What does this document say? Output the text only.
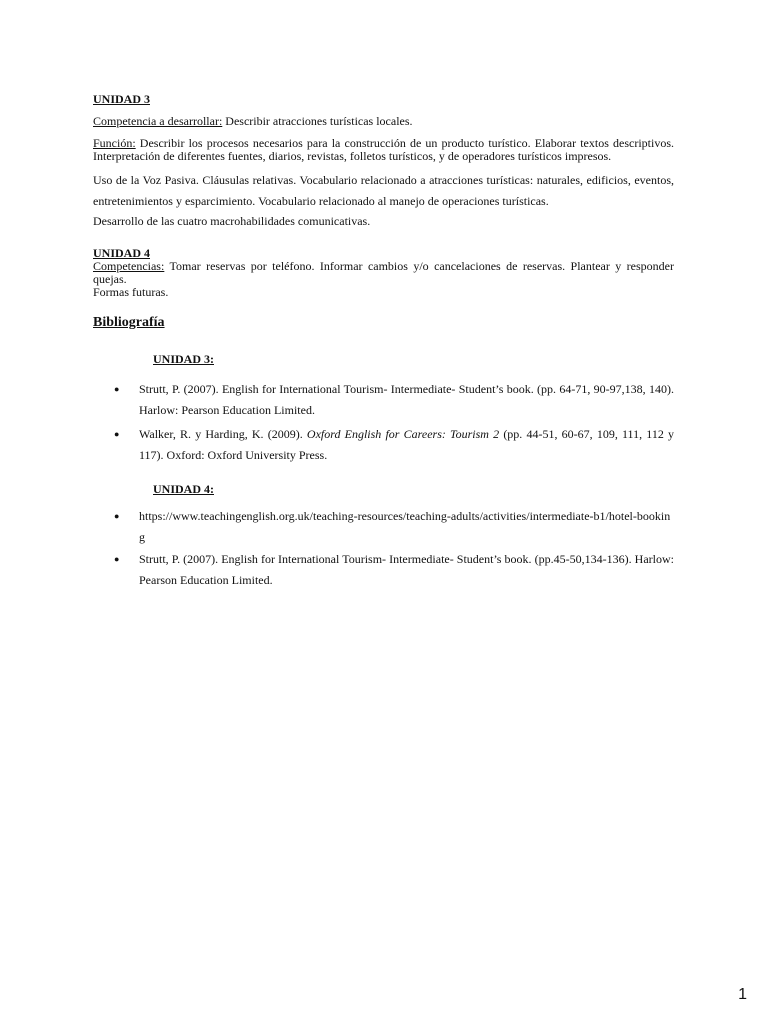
UNIDAD 3

Competencia a desarrollar: Describir atracciones turísticas locales.

Función: Describir los procesos necesarios para la construcción de un producto turístico. Elaborar textos descriptivos. Interpretación de diferentes fuentes, diarios, revistas, folletos turísticos, y de operadores turísticos impresos.

Uso de la Voz Pasiva. Cláusulas relativas. Vocabulario relacionado a atracciones turísticas: naturales, edificios, eventos, entretenimientos y esparcimiento. Vocabulario relacionado al manejo de operaciones turísticas.

Desarrollo de las cuatro macrohabilidades comunicativas.

UNIDAD 4

Competencias: Tomar reservas por teléfono. Informar cambios y/o cancelaciones de reservas. Plantear y responder quejas.

Formas futuras.

Bibliografía

UNIDAD 3:

● Strutt, P. (2007). English for International Tourism- Intermediate- Student’s book. (pp. 64-71, 90-97,138, 140). Harlow: Pearson Education Limited.
● Walker, R. y Harding, K. (2009). Oxford English for Careers: Tourism 2 (pp. 44-51, 60-67, 109, 111, 112 y 117). Oxford: Oxford University Press.

UNIDAD 4:

● https://www.teachingenglish.org.uk/teaching-resources/teaching-adults/activities/intermediate-b1/hotel-booking
● Strutt, P. (2007). English for International Tourism- Intermediate- Student’s book. (pp.45-50,134-136). Harlow: Pearson Education Limited.
1
